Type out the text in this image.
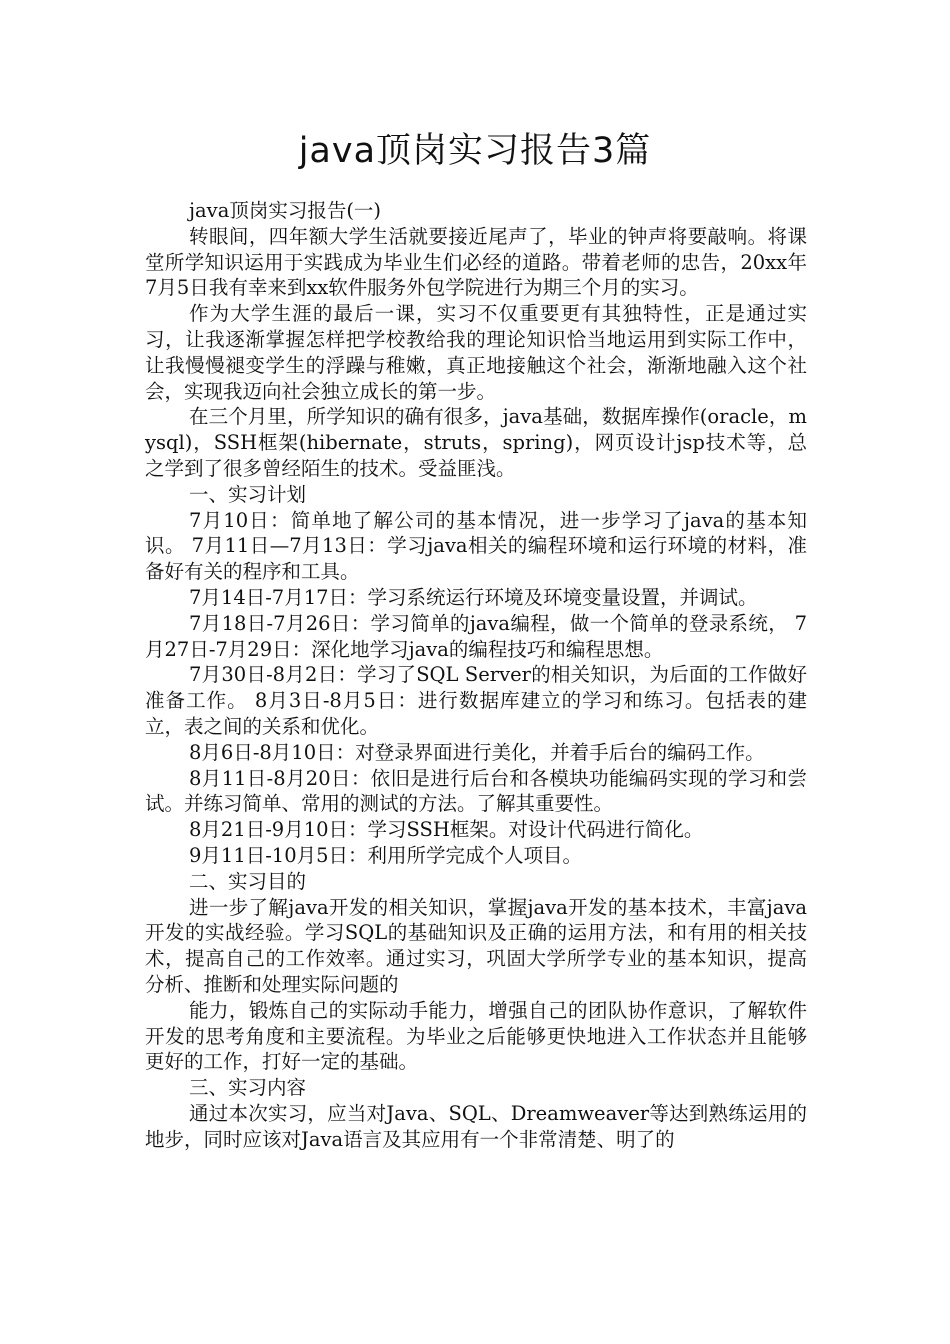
java顶岗实习报告3篇

java顶岗实习报告(一)

转眼间，四年额大学生活就要接近尾声了，毕业的钟声将要敲响。将课堂所学知识运用于实践成为毕业生们必经的道路。带着老师的忠告，20xx年7月5日我有幸来到xx软件服务外包学院进行为期三个月的实习。

作为大学生涯的最后一课，实习不仅重要更有其独特性，正是通过实习，让我逐渐掌握怎样把学校教给我的理论知识恰当地运用到实际工作中，让我慢慢褪变学生的浮躁与稚嫩，真正地接触这个社会，渐渐地融入这个社会，实现我迈向社会独立成长的第一步。

在三个月里，所学知识的确有很多，java基础，数据库操作(oracle，mysql)，SSH框架(hibernate，struts，spring)，网页设计jsp技术等，总之学到了很多曾经陌生的技术。受益匪浅。

一、实习计划

7月10日：简单地了解公司的基本情况，进一步学习了java的基本知识。 7月11日—7月13日：学习java相关的编程环境和运行环境的材料，准备好有关的程序和工具。

7月14日-7月17日：学习系统运行环境及环境变量设置，并调试。

7月18日-7月26日：学习简单的java编程，做一个简单的登录系统， 7月27日-7月29日：深化地学习java的编程技巧和编程思想。

7月30日-8月2日：学习了SQL Server的相关知识，为后面的工作做好准备工作。 8月3日-8月5日：进行数据库建立的学习和练习。包括表的建立，表之间的关系和优化。

8月6日-8月10日：对登录界面进行美化，并着手后台的编码工作。

8月11日-8月20日：依旧是进行后台和各模块功能编码实现的学习和尝试。并练习简单、常用的测试的方法。了解其重要性。

8月21日-9月10日：学习SSH框架。对设计代码进行简化。

9月11日-10月5日：利用所学完成个人项目。

二、实习目的

进一步了解java开发的相关知识，掌握java开发的基本技术，丰富java开发的实战经验。学习SQL的基础知识及正确的运用方法，和有用的相关技术，提高自己的工作效率。通过实习，巩固大学所学专业的基本知识，提高分析、推断和处理实际问题的

能力，锻炼自己的实际动手能力，增强自己的团队协作意识，了解软件开发的思考角度和主要流程。为毕业之后能够更快地进入工作状态并且能够更好的工作，打好一定的基础。

三、实习内容

通过本次实习，应当对Java、SQL、Dreamweaver等达到熟练运用的地步，同时应该对Java语言及其应用有一个非常清楚、明了的
